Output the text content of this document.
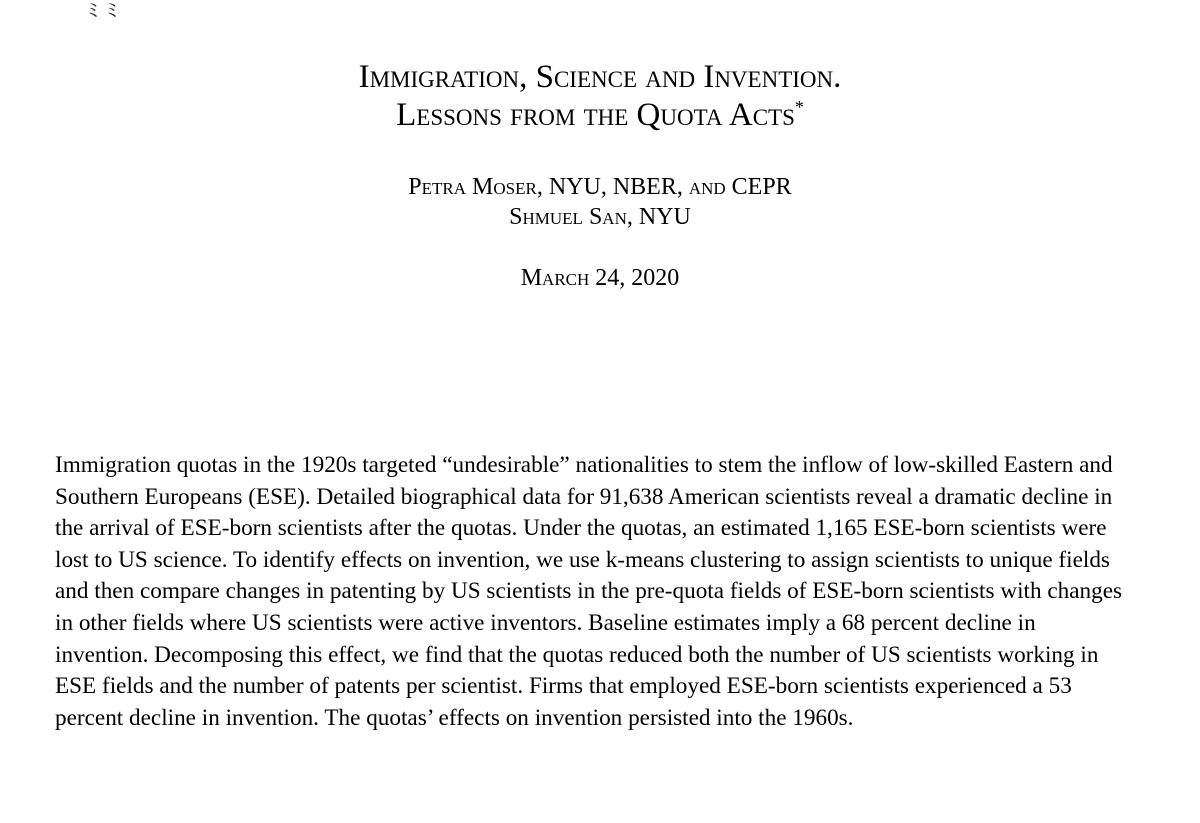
ﾐ ﾐ

Immigration, Science and Invention.

Lessons from the Quota Acts*

Petra Moser, NYU, NBER, and CEPR
Shmuel San, NYU
March 24, 2020

Immigration quotas in the 1920s targeted “undesirable” nationalities to stem the inflow of low-skilled Eastern and Southern Europeans (ESE). Detailed biographical data for 91,638 American scientists reveal a dramatic decline in the arrival of ESE-born scientists after the quotas. Under the quotas, an estimated 1,165 ESE-born scientists were lost to US science. To identify effects on invention, we use k-means clustering to assign scientists to unique fields and then compare changes in patenting by US scientists in the pre-quota fields of ESE-born scientists with changes in other fields where US scientists were active inventors. Baseline estimates imply a 68 percent decline in invention. Decomposing this effect, we find that the quotas reduced both the number of US scientists working in ESE fields and the number of patents per scientist. Firms that employed ESE-born scientists experienced a 53 percent decline in invention. The quotas’ effects on invention persisted into the 1960s.
